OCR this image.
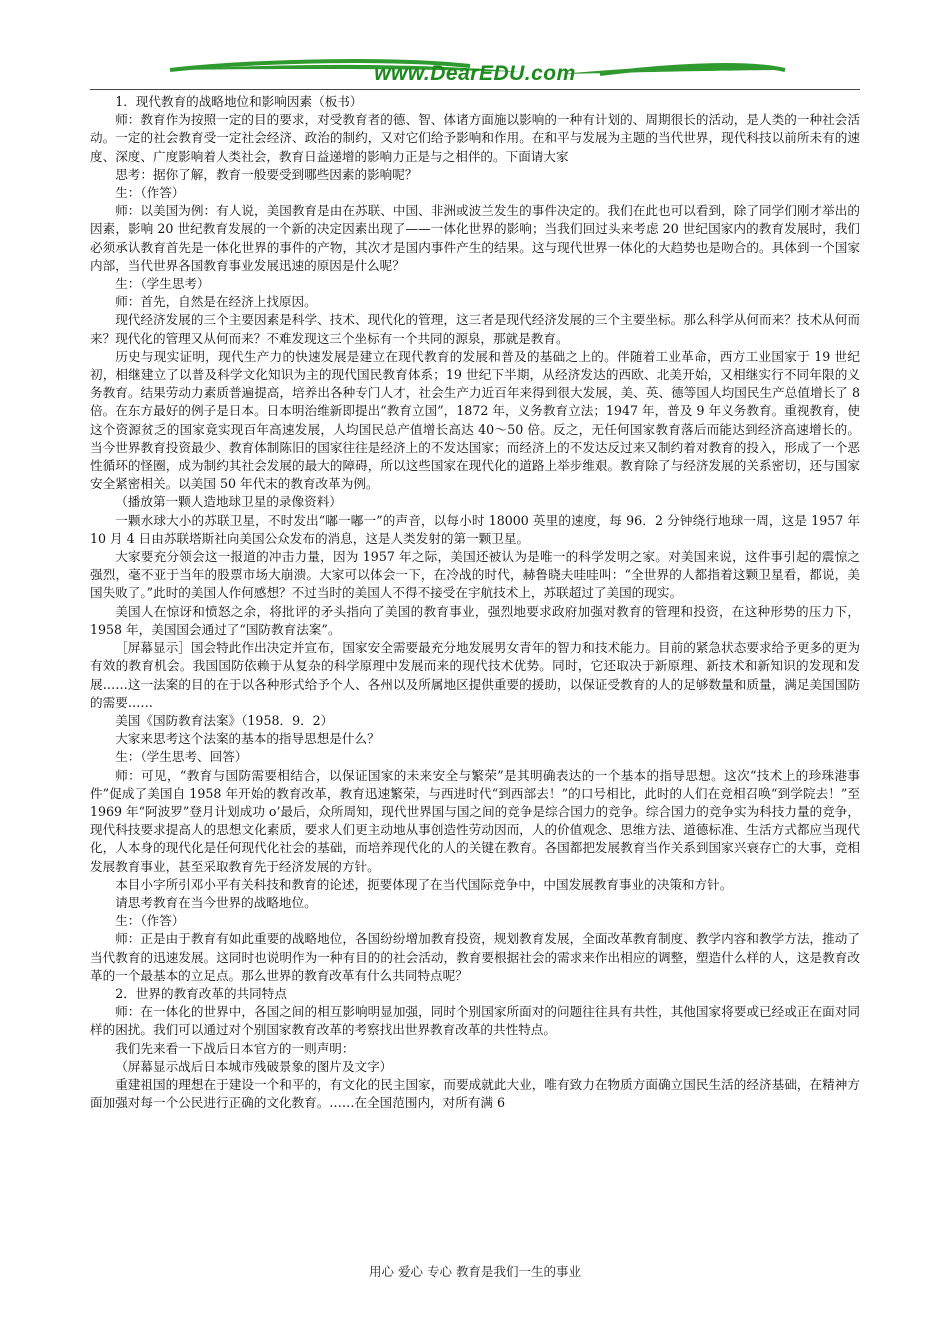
www.DearEDU.com

1．现代教育的战略地位和影响因素（板书）

师：教育作为按照一定的目的要求，对受教育者的德、智、体诸方面施以影响的一种有计划的、周期很长的活动，是人类的一种社会活动。一定的社会教育受一定社会经济、政治的制约，又对它们给予影响和作用。在和平与发展为主题的当代世界，现代科技以前所未有的速度、深度、广度影响着人类社会，教育日益递增的影响力正是与之相伴的。下面请大家

思考：据你了解，教育一般要受到哪些因素的影响呢？

生：（作答）

师：以美国为例：有人说，美国教育是由在苏联、中国、非洲或波兰发生的事件决定的。我们在此也可以看到，除了同学们刚才举出的因素，影响 20 世纪教育发展的一个新的决定因素出现了——一体化世界的影响；当我们回过头来考虑 20 世纪国家内的教育发展时，我们必须承认教育首先是一体化世界的事件的产物，其次才是国内事件产生的结果。这与现代世界一体化的大趋势也是吻合的。具体到一个国家内部，当代世界各国教育事业发展迅速的原因是什么呢？

生：（学生思考）

师：首先，自然是在经济上找原因。

现代经济发展的三个主要因素是科学、技术、现代化的管理，这三者是现代经济发展的三个主要坐标。那么科学从何而来？技术从何而来？现代化的管理又从何而来？不难发现这三个坐标有一个共同的源泉，那就是教育。

历史与现实证明，现代生产力的快速发展是建立在现代教育的发展和普及的基础之上的。伴随着工业革命，西方工业国家于 19 世纪初，相继建立了以普及科学文化知识为主的现代国民教育体系；19 世纪下半期，从经济发达的西欧、北美开始，又相继实行不同年限的义务教育。结果劳动力素质普遍提高，培养出各种专门人才，社会生产力近百年来得到很大发展，美、英、德等国人均国民生产总值增长了 8 倍。在东方最好的例子是日本。日本明治维新即提出“教育立国”，1872 年，义务教育立法；1947 年，普及 9 年义务教育。重视教育，使这个资源贫乏的国家竟实现百年高速发展，人均国民总产值增长高达 40～50 倍。反之，无任何国家教育落后而能达到经济高速增长的。当今世界教育投资最少、教育体制陈旧的国家往往是经济上的不发达国家；而经济上的不发达反过来又制约着对教育的投入，形成了一个恶性循环的怪圈，成为制约其社会发展的最大的障碍，所以这些国家在现代化的道路上举步维艰。教育除了与经济发展的关系密切，还与国家安全紧密相关。以美国 50 年代末的教育改革为例。

（播放第一颗人造地球卫星的录像资料）

一颗水球大小的苏联卫星，不时发出“嘟一嘟一”的声音，以每小时 18000 英里的速度，每 96．2 分钟绕行地球一周，这是 1957 年 10 月 4 日由苏联塔斯社向美国公众发布的消息，这是人类发射的第一颗卫星。

大家要充分领会这一报道的冲击力量，因为 1957 年之际，美国还被认为是唯一的科学发明之家。对美国来说，这件事引起的震惊之强烈，毫不亚于当年的股票市场大崩溃。大家可以体会一下，在冷战的时代，赫鲁晓夫哇哇叫：“全世界的人都指着这颗卫星看，都说，美国失败了。”此时的美国人作何感想？不过当时的美国人不得不接受在宇航技术上，苏联超过了美国的现实。

美国人在惊讶和愤怒之余，将批评的矛头指向了美国的教育事业，强烈地要求政府加强对教育的管理和投资，在这种形势的压力下，1958 年，美国国会通过了“国防教育法案”。

［屏幕显示］国会特此作出决定并宣布，国家安全需要最充分地发展男女青年的智力和技术能力。目前的紧急状态要求给予更多的更为有效的教育机会。我国国防依赖于从复杂的科学原理中发展而来的现代技术优势。同时，它还取决于新原理、新技术和新知识的发现和发展……这一法案的目的在于以各种形式给予个人、各州以及所属地区提供重要的援助，以保证受教育的人的足够数量和质量，满足美国国防的需要……

美国《国防教育法案》（1958．9．2）

大家来思考这个法案的基本的指导思想是什么？

生：（学生思考、回答）

师：可见，“教育与国防需要相结合，以保证国家的未来安全与繁荣”是其明确表达的一个基本的指导思想。这次“技术上的珍珠港事件”促成了美国自 1958 年开始的教育改革，教育迅速繁荣，与西进时代“到西部去！”的口号相比，此时的人们在竞相召唤“到学院去！”至 1969 年“阿波罗”登月计划成功 o’最后，众所周知，现代世界国与国之间的竞争是综合国力的竞争。综合国力的竞争实为科技力量的竞争，现代科技要求提高人的思想文化素质，要求人们更主动地从事创造性劳动因而，人的价值观念、思维方法、道德标准、生活方式都应当现代化，人本身的现代化是任何现代化社会的基础，而培养现代化的人的关键在教育。各国都把发展教育当作关系到国家兴衰存亡的大事，竞相发展教育事业，甚至采取教育先于经济发展的方针。

本目小字所引邓小平有关科技和教育的论述，扼要体现了在当代国际竞争中，中国发展教育事业的决策和方针。

请思考教育在当今世界的战略地位。

生：（作答）

师：正是由于教育有如此重要的战略地位，各国纷纷增加教育投资，规划教育发展，全面改革教育制度、教学内容和教学方法，推动了当代教育的迅速发展。这同时也说明作为一种有目的的社会活动，教育要根据社会的需求来作出相应的调整，塑造什么样的人，这是教育改革的一个最基本的立足点。那么世界的教育改革有什么共同特点呢？

2．世界的教育改革的共同特点

师：在一体化的世界中，各国之间的相互影响明显加强，同时个别国家所面对的问题往往具有共性，其他国家将要或已经或正在面对同样的困扰。我们可以通过对个别国家教育改革的考察找出世界教育改革的共性特点。

我们先来看一下战后日本官方的一则声明：

（屏幕显示战后日本城市残破景象的图片及文字）

重建祖国的理想在于建设一个和平的，有文化的民主国家，而要成就此大业，唯有致力在物质方面确立国民生活的经济基础，在精神方面加强对每一个公民进行正确的文化教育。……在全国范围内，对所有满 6

用心 爱心 专心 教育是我们一生的事业
